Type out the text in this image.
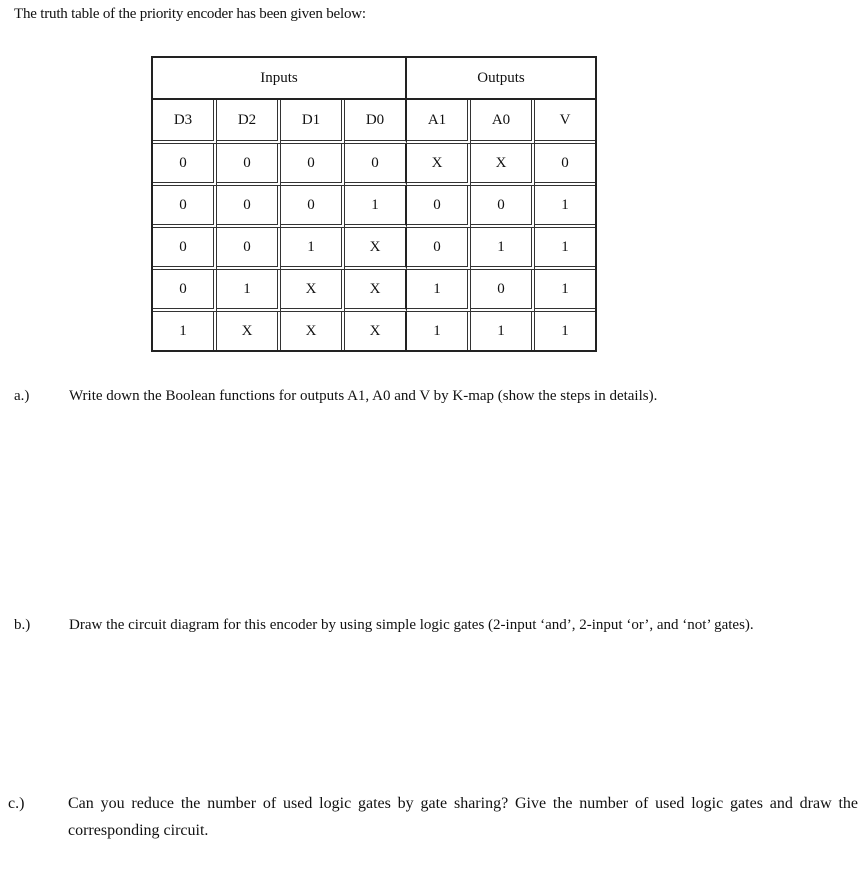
The truth table of the priority encoder has been given below:
Inputs				Outputs		
D3	D2	D1	D0	A1	A0	V
0	0	0	0	X	X	0
0	0	0	1	0	0	1
0	0	1	X	0	1	1
0	1	X	X	1	0	1
1	X	X	X	1	1	1
a.)	Write down the Boolean functions for outputs A1, A0 and V by K-map (show the steps in details).
b.)	Draw the circuit diagram for this encoder by using simple logic gates (2-input ‘and’, 2-input ‘or’, and ‘not’ gates).
c.)	Can you reduce the number of used logic gates by gate sharing? Give the number of used logic gates and draw the corresponding circuit.
